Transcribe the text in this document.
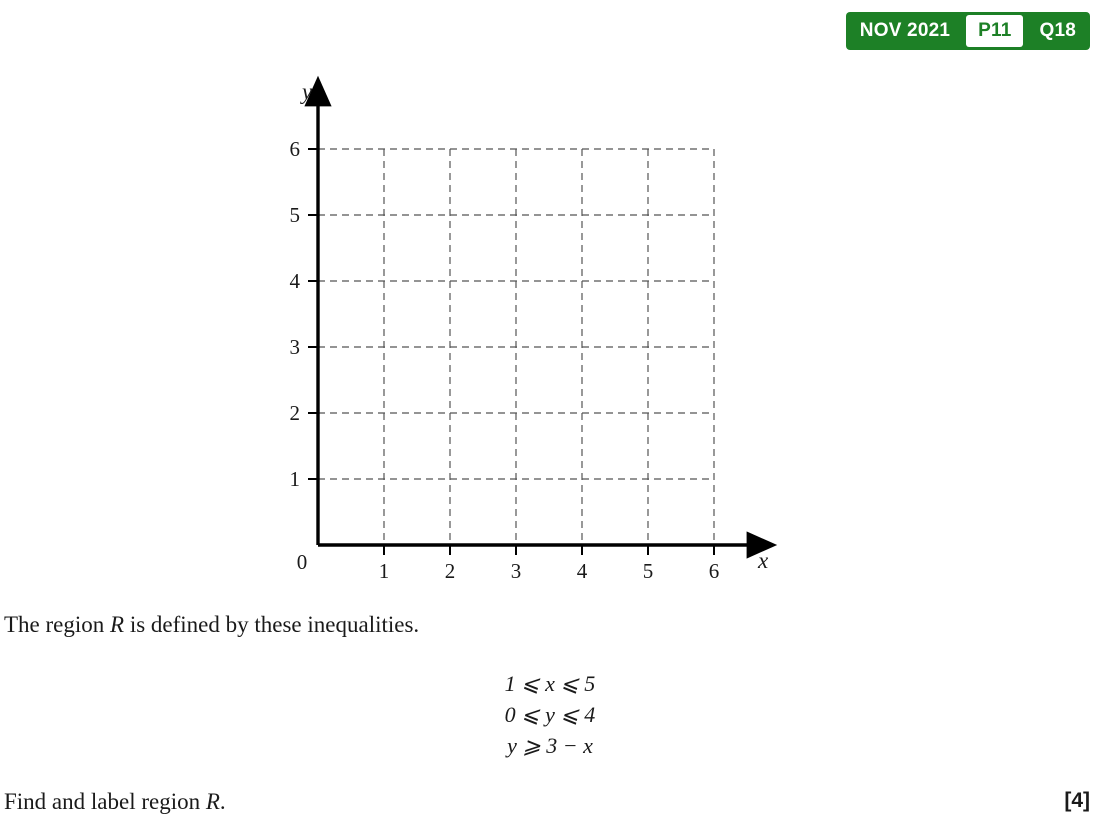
NOV 2021	P11	Q18
1	2	3	4	5	6
1
2
3
4
5
6
0	x
y
The region R is defined by these inequalities.
1 ⩽ x ⩽ 5
0 ⩽ y ⩽ 4
y ⩾ 3 − x
Find and label region R.	[4]
